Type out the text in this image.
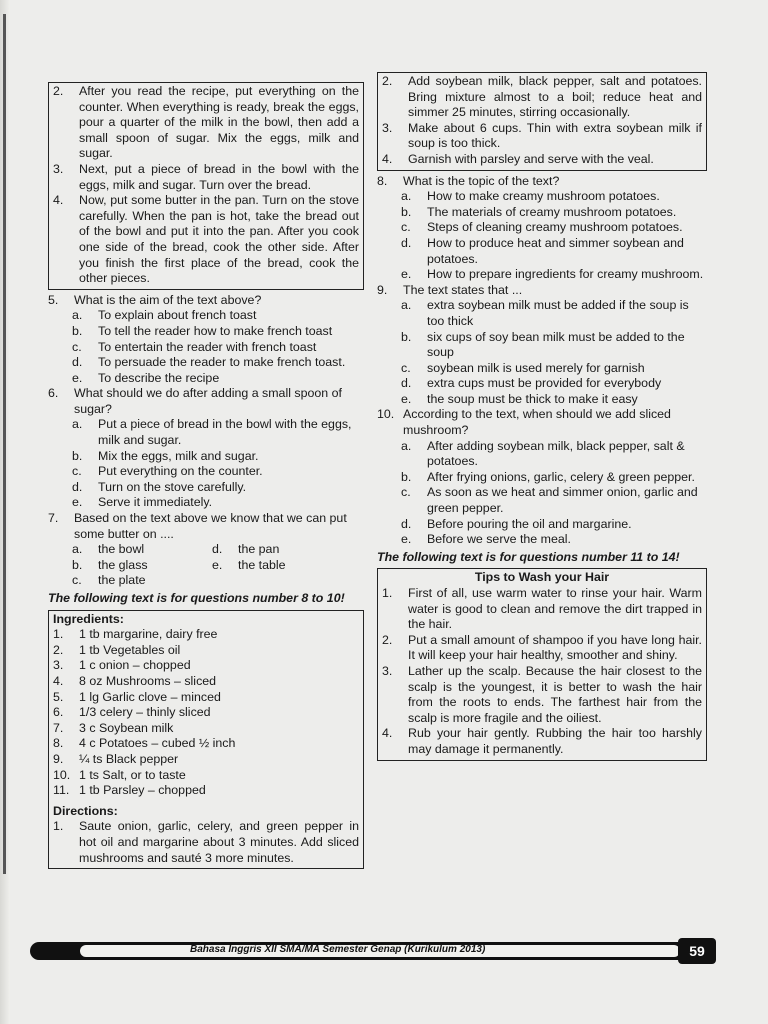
2.	After you read the recipe, put everything on the counter. When everything is ready, break the eggs, pour a quarter of the milk in the bowl, then add a small spoon of sugar. Mix the eggs, milk and sugar.
3.	Next, put a piece of bread in the bowl with the eggs, milk and sugar. Turn over the bread.
4.	Now, put some butter in the pan. Turn on the stove carefully. When the pan is hot, take the bread out of the bowl and put it into the pan. After you cook one side of the bread, cook the other side. After you finish the first place of the bread, cook the other pieces.
5.	What is the aim of the text above?
a.	To explain about french toast
b.	To tell the reader how to make french toast
c.	To entertain the reader with french toast
d.	To persuade the reader to make french toast.
e.	To describe the recipe
6.	What should we do after adding a small spoon of sugar?
a.	Put a piece of bread in the bowl with the eggs, milk and sugar.
b.	Mix the eggs, milk and sugar.
c.	Put everything on the counter.
d.	Turn on the stove carefully.
e.	Serve it immediately.
7.	Based on the text above we know that we can put some butter on ....
a.	the bowl	d.	the pan
b.	the glass	e.	the table
c.	the plate
The following text is for questions number 8 to 10!
Ingredients:
1.	1 tb margarine, dairy free
2.	1 tb Vegetables oil
3.	1 c onion – chopped
4.	8 oz Mushrooms – sliced
5.	1 lg Garlic clove – minced
6.	1/3 celery – thinly sliced
7.	3 c Soybean milk
8.	4 c Potatoes – cubed ½ inch
9.	¼ ts Black pepper
10. 1 ts Salt, or to taste
11. 1 tb Parsley – chopped
Directions:
1.	Saute onion, garlic, celery, and green pepper in hot oil and margarine about 3 minutes. Add sliced mushrooms and sauté 3 more minutes.
2.	Add soybean milk, black pepper, salt and potatoes. Bring mixture almost to a boil; reduce heat and simmer 25 minutes, stirring occasionally.
3.	Make about 6 cups. Thin with extra soybean milk if soup is too thick.
4.	Garnish with parsley and serve with the veal.
8.	What is the topic of the text?
a.	How to make creamy mushroom potatoes.
b.	The materials of creamy mushroom potatoes.
c.	Steps of cleaning creamy mushroom potatoes.
d.	How to produce heat and simmer soybean and potatoes.
e.	How to prepare ingredients for creamy mushroom.
9.	The text states that ...
a.	extra soybean milk must be added if the soup is too thick
b.	six cups of soy bean milk must be added to the soup
c.	soybean milk is used merely for garnish
d.	extra cups must be provided for everybody
e.	the soup must be thick to make it easy
10. According to the text, when should we add sliced mushroom?
a.	After adding soybean milk, black pepper, salt & potatoes.
b.	After frying onions, garlic, celery & green pepper.
c.	As soon as we heat and simmer onion, garlic and green pepper.
d.	Before pouring the oil and margarine.
e.	Before we serve the meal.
The following text is for questions number 11 to 14!
Tips to Wash your Hair
1.	First of all, use warm water to rinse your hair. Warm water is good to clean and remove the dirt trapped in the hair.
2.	Put a small amount of shampoo if you have long hair. It will keep your hair healthy, smoother and shiny.
3.	Lather up the scalp. Because the hair closest to the scalp is the youngest, it is better to wash the hair from the roots to ends. The farthest hair from the scalp is more fragile and the oiliest.
4.	Rub your hair gently. Rubbing the hair too harshly may damage it permanently.
Bahasa Inggris XII SMA/MA Semester Genap (Kurikulum 2013)	59
